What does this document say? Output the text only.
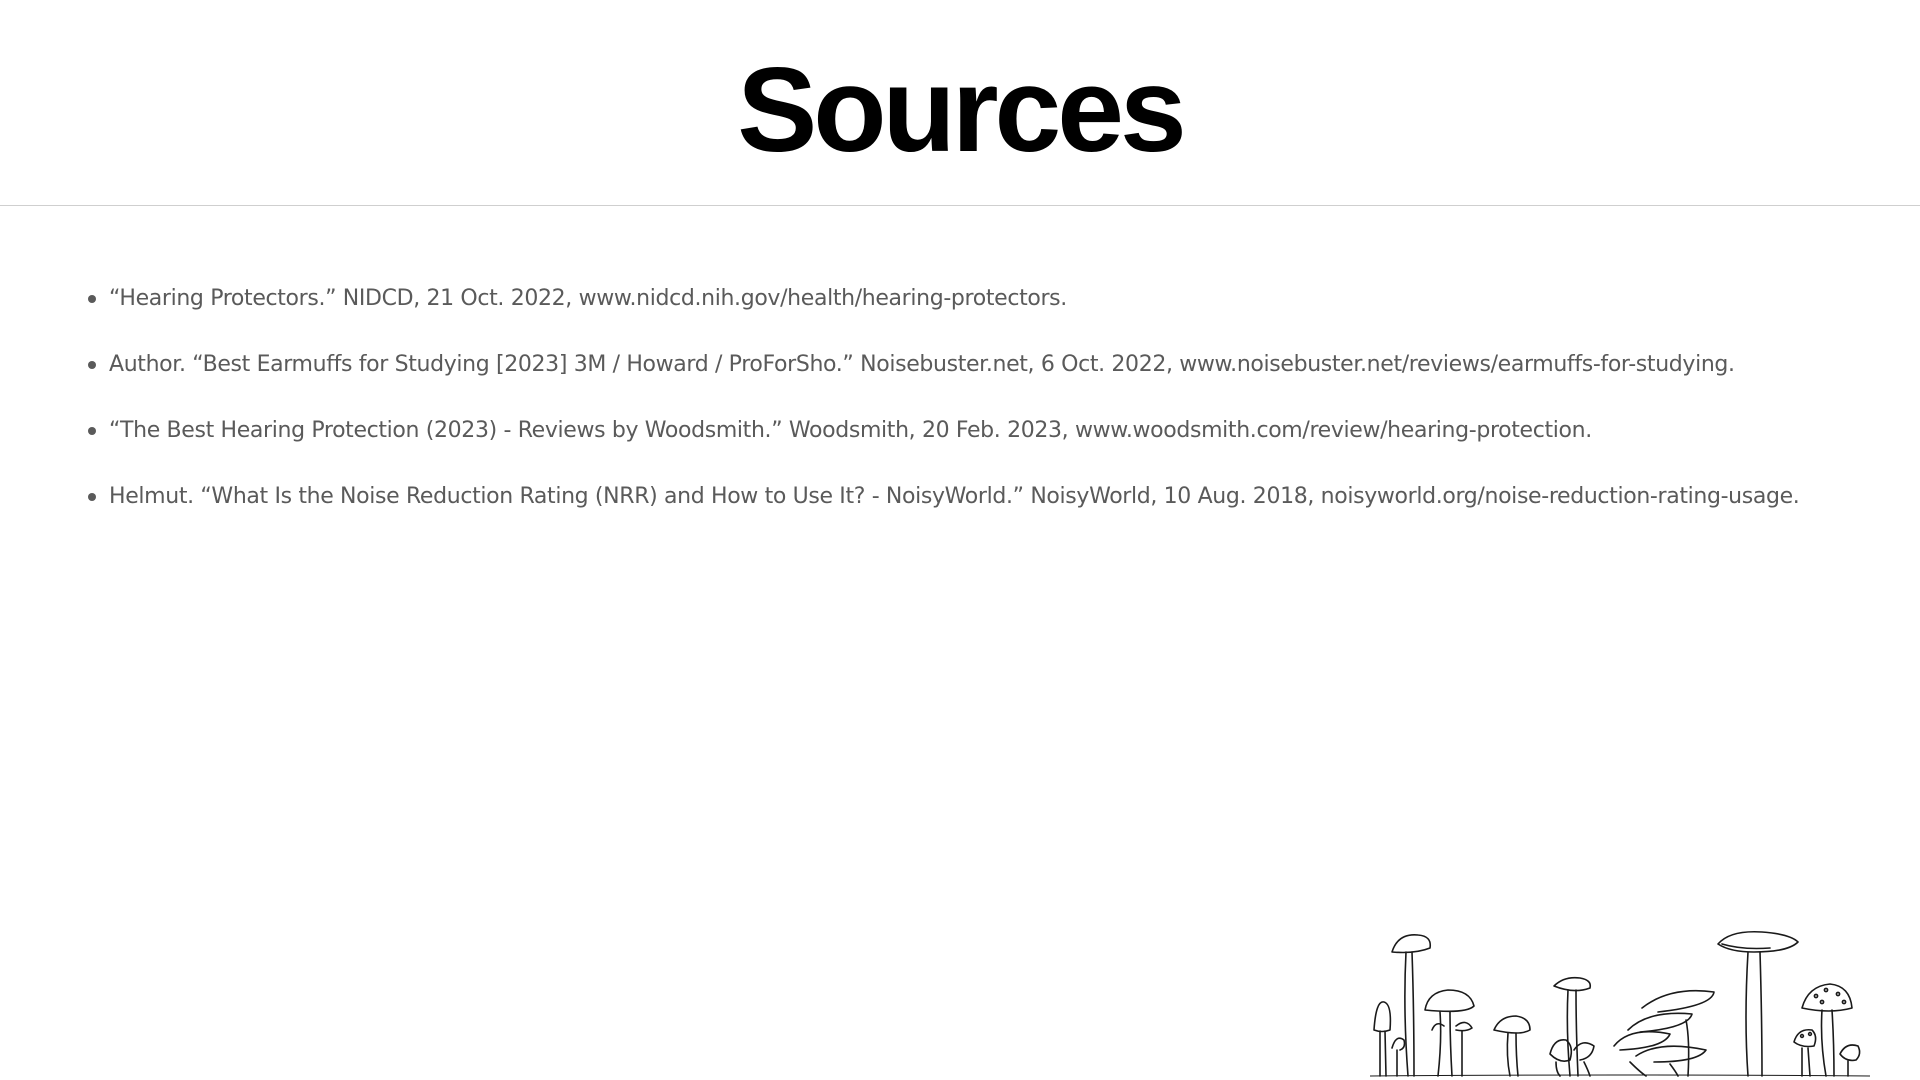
Sources
“Hearing Protectors.” NIDCD, 21 Oct. 2022, www.nidcd.nih.gov/health/hearing-protectors.
Author. “Best Earmuffs for Studying [2023] 3M / Howard / ProForSho.” Noisebuster.net, 6 Oct. 2022, www.noisebuster.net/reviews/earmuffs-for-studying.
“The Best Hearing Protection (2023) - Reviews by Woodsmith.” Woodsmith, 20 Feb. 2023, www.woodsmith.com/review/hearing-protection.
Helmut. “What Is the Noise Reduction Rating (NRR) and How to Use It? - NoisyWorld.” NoisyWorld, 10 Aug. 2018, noisyworld.org/noise-reduction-rating-usage.
